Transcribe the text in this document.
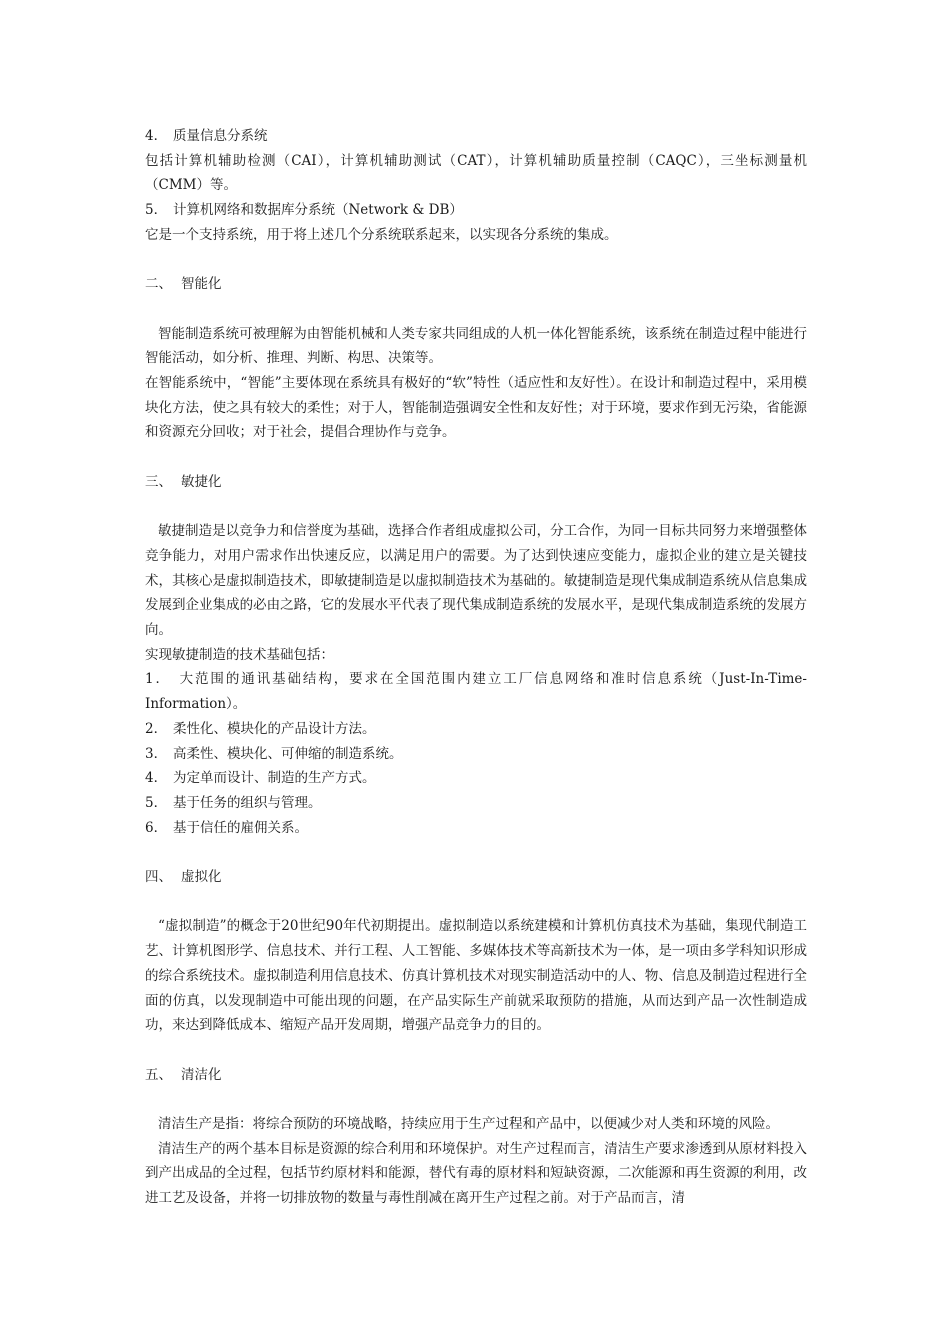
4． 质量信息分系统
包括计算机辅助检测（CAI），计算机辅助测试（CAT），计算机辅助质量控制（CAQC），三坐标测量机（CMM）等。
5． 计算机网络和数据库分系统（Network & DB）
它是一个支持系统，用于将上述几个分系统联系起来，以实现各分系统的集成。
二、 智能化
智能制造系统可被理解为由智能机械和人类专家共同组成的人机一体化智能系统，该系统在制造过程中能进行智能活动，如分析、推理、判断、构思、决策等。
在智能系统中，“智能”主要体现在系统具有极好的“软”特性（适应性和友好性）。在设计和制造过程中，采用模块化方法，使之具有较大的柔性；对于人，智能制造强调安全性和友好性；对于环境，要求作到无污染，省能源和资源充分回收；对于社会，提倡合理协作与竞争。
三、 敏捷化
敏捷制造是以竞争力和信誉度为基础，选择合作者组成虚拟公司，分工合作，为同一目标共同努力来增强整体竞争能力，对用户需求作出快速反应，以满足用户的需要。为了达到快速应变能力，虚拟企业的建立是关键技术，其核心是虚拟制造技术，即敏捷制造是以虚拟制造技术为基础的。敏捷制造是现代集成制造系统从信息集成发展到企业集成的必由之路，它的发展水平代表了现代集成制造系统的发展水平，是现代集成制造系统的发展方向。
实现敏捷制造的技术基础包括：
1．　大范围的通讯基础结构，要求在全国范围内建立工厂信息网络和准时信息系统（Just-In-Time-Information）。
2． 柔性化、模块化的产品设计方法。
3． 高柔性、模块化、可伸缩的制造系统。
4． 为定单而设计、制造的生产方式。
5． 基于任务的组织与管理。
6． 基于信任的雇佣关系。
四、 虚拟化
“虚拟制造”的概念于20世纪90年代初期提出。虚拟制造以系统建模和计算机仿真技术为基础，集现代制造工艺、计算机图形学、信息技术、并行工程、人工智能、多媒体技术等高新技术为一体，是一项由多学科知识形成的综合系统技术。虚拟制造利用信息技术、仿真计算机技术对现实制造活动中的人、物、信息及制造过程进行全面的仿真，以发现制造中可能出现的问题，在产品实际生产前就采取预防的措施，从而达到产品一次性制造成功，来达到降低成本、缩短产品开发周期，增强产品竞争力的目的。
五、 清洁化
清洁生产是指：将综合预防的环境战略，持续应用于生产过程和产品中，以便减少对人类和环境的风险。
清洁生产的两个基本目标是资源的综合利用和环境保护。对生产过程而言，清洁生产要求渗透到从原材料投入到产出成品的全过程，包括节约原材料和能源，替代有毒的原材料和短缺资源，二次能源和再生资源的利用，改进工艺及设备，并将一切排放物的数量与毒性削减在离开生产过程之前。对于产品而言，清
